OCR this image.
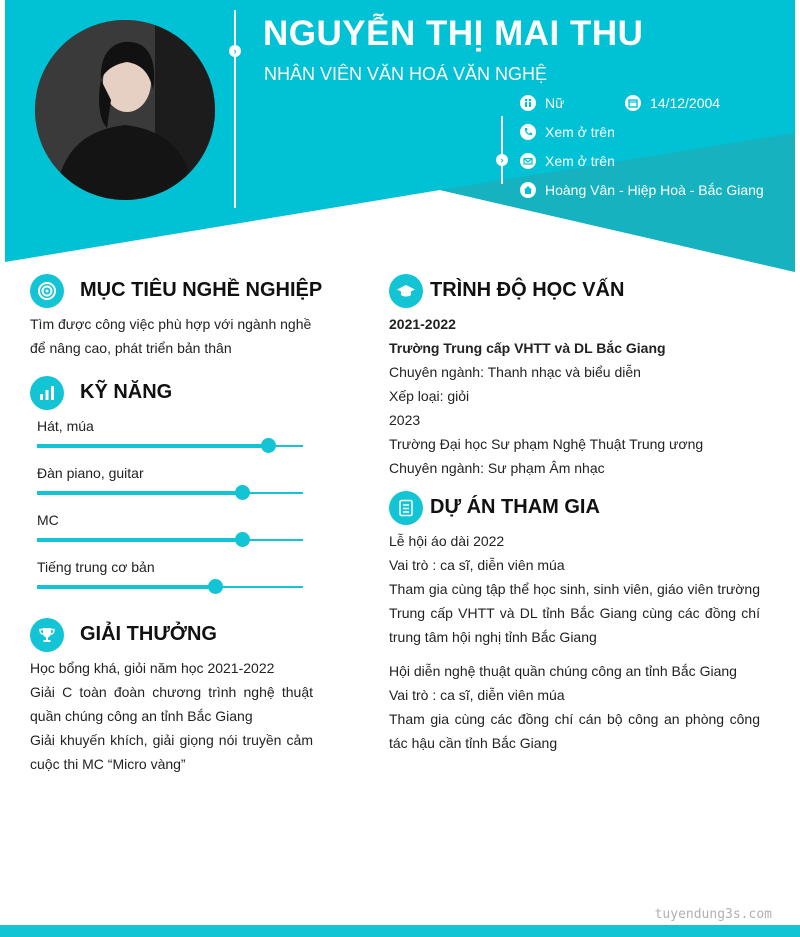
›
›
NGUYỄN THỊ MAI THU
NHÂN VIÊN VĂN HOÁ VĂN NGHỆ
Nữ	14/12/2004
Xem ở trên
Xem ở trên
Hoàng Vân - Hiệp Hoà - Bắc Giang
MỤC TIÊU NGHỀ NGHIỆP
Tìm được công việc phù hợp với ngành nghề
để nâng cao, phát triển bản thân
KỸ NĂNG
Hát, múa
Đàn piano, guitar
MC
Tiếng trung cơ bản
GIẢI THƯỞNG
Học bổng khá, giỏi năm học 2021-2022
Giải C toàn đoàn chương trình nghệ thuật
quần chúng công an tỉnh Bắc Giang
Giải khuyến khích, giải giọng nói truyền cảm
cuộc thi MC “Micro vàng”
TRÌNH ĐỘ HỌC VẤN
2021-2022
Trường Trung cấp VHTT và DL Bắc Giang
Chuyên ngành: Thanh nhạc và biểu diễn
Xếp loại: giỏi
2023
Trường Đại học Sư phạm Nghệ Thuật Trung ương
Chuyên ngành: Sư phạm Âm nhạc
DỰ ÁN THAM GIA
Lễ hội áo dài 2022
Vai trò : ca sĩ, diễn viên múa
Tham gia cùng tập thể học sinh, sinh viên, giáo viên trường
Trung cấp VHTT và DL tỉnh Bắc Giang cùng các đồng chí
trung tâm hội nghị tỉnh Bắc Giang
Hội diễn nghệ thuật quần chúng công an tỉnh Bắc Giang
Vai trò : ca sĩ, diễn viên múa
Tham gia cùng các đồng chí cán bộ công an phòng công
tác hậu cần tỉnh Bắc Giang
tuyendung3s.com
